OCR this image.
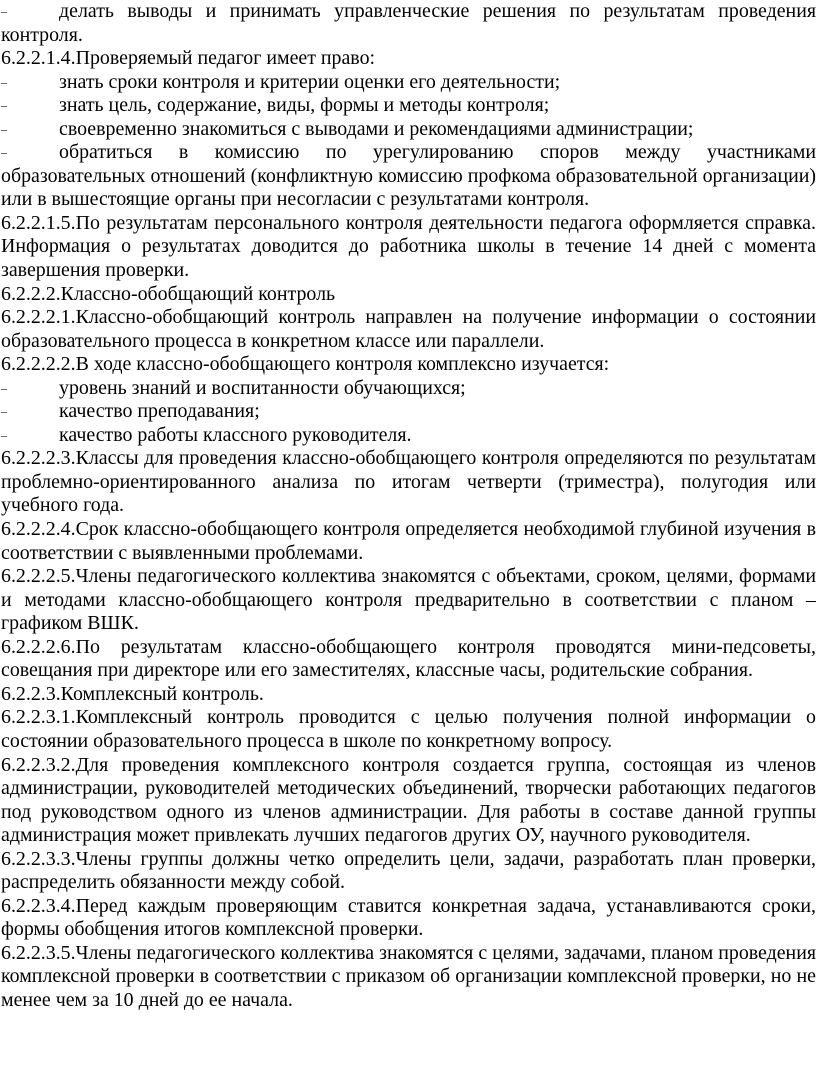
–	делать выводы и принимать управленческие решения по результатам проведения

контроля.

6.2.2.1.4.Проверяемый педагог имеет право:

–	знать сроки контроля и критерии оценки его деятельности;
–	знать цель, содержание, виды, формы и методы контроля;
–	своевременно знакомиться с выводами и рекомендациями администрации;
–	обратиться в комиссию по урегулированию споров между участниками

образовательных отношений (конфликтную комиссию профкома образовательной организации) или в вышестоящие органы при несогласии с результатами контроля.

6.2.2.1.5.По результатам персонального контроля деятельности педагога оформляется справка. Информация о результатах доводится до работника школы в течение 14 дней с момента завершения проверки.

6.2.2.2.Классно-обобщающий контроль

6.2.2.2.1.Классно-обобщающий контроль направлен на получение информации о состоянии образовательного процесса в конкретном классе или параллели.

6.2.2.2.2.В ходе классно-обобщающего контроля комплексно изучается:

–	уровень знаний и воспитанности обучающихся;
–	качество преподавания;
–	качество работы классного руководителя.

6.2.2.2.3.Классы для проведения классно-обобщающего контроля определяются по результатам проблемно-ориентированного анализа по итогам четверти (триместра), полугодия или учебного года.

6.2.2.2.4.Срок классно-обобщающего контроля определяется необходимой глубиной изучения в соответствии с выявленными проблемами.

6.2.2.2.5.Члены педагогического коллектива знакомятся с объектами, сроком, целями, формами и методами классно-обобщающего контроля предварительно в соответствии с планом – графиком ВШК.

6.2.2.2.6.По результатам классно-обобщающего контроля проводятся мини-педсоветы, совещания при директоре или его заместителях, классные часы, родительские собрания.

6.2.2.3.Комплексный контроль.

6.2.2.3.1.Комплексный контроль проводится с целью получения полной информации о состоянии образовательного процесса в школе по конкретному вопросу.

6.2.2.3.2.Для проведения комплексного контроля создается группа, состоящая из членов администрации, руководителей методических объединений, творчески работающих педагогов под руководством одного из членов администрации. Для работы в составе данной группы администрация может привлекать лучших педагогов других ОУ, научного руководителя.

6.2.2.3.3.Члены группы должны четко определить цели, задачи, разработать план проверки, распределить обязанности между собой.

6.2.2.3.4.Перед каждым проверяющим ставится конкретная задача, устанавливаются сроки, формы обобщения итогов комплексной проверки.

6.2.2.3.5.Члены педагогического коллектива знакомятся с целями, задачами, планом проведения комплексной проверки в соответствии с приказом об организации комплексной проверки, но не менее чем за 10 дней до ее начала.
